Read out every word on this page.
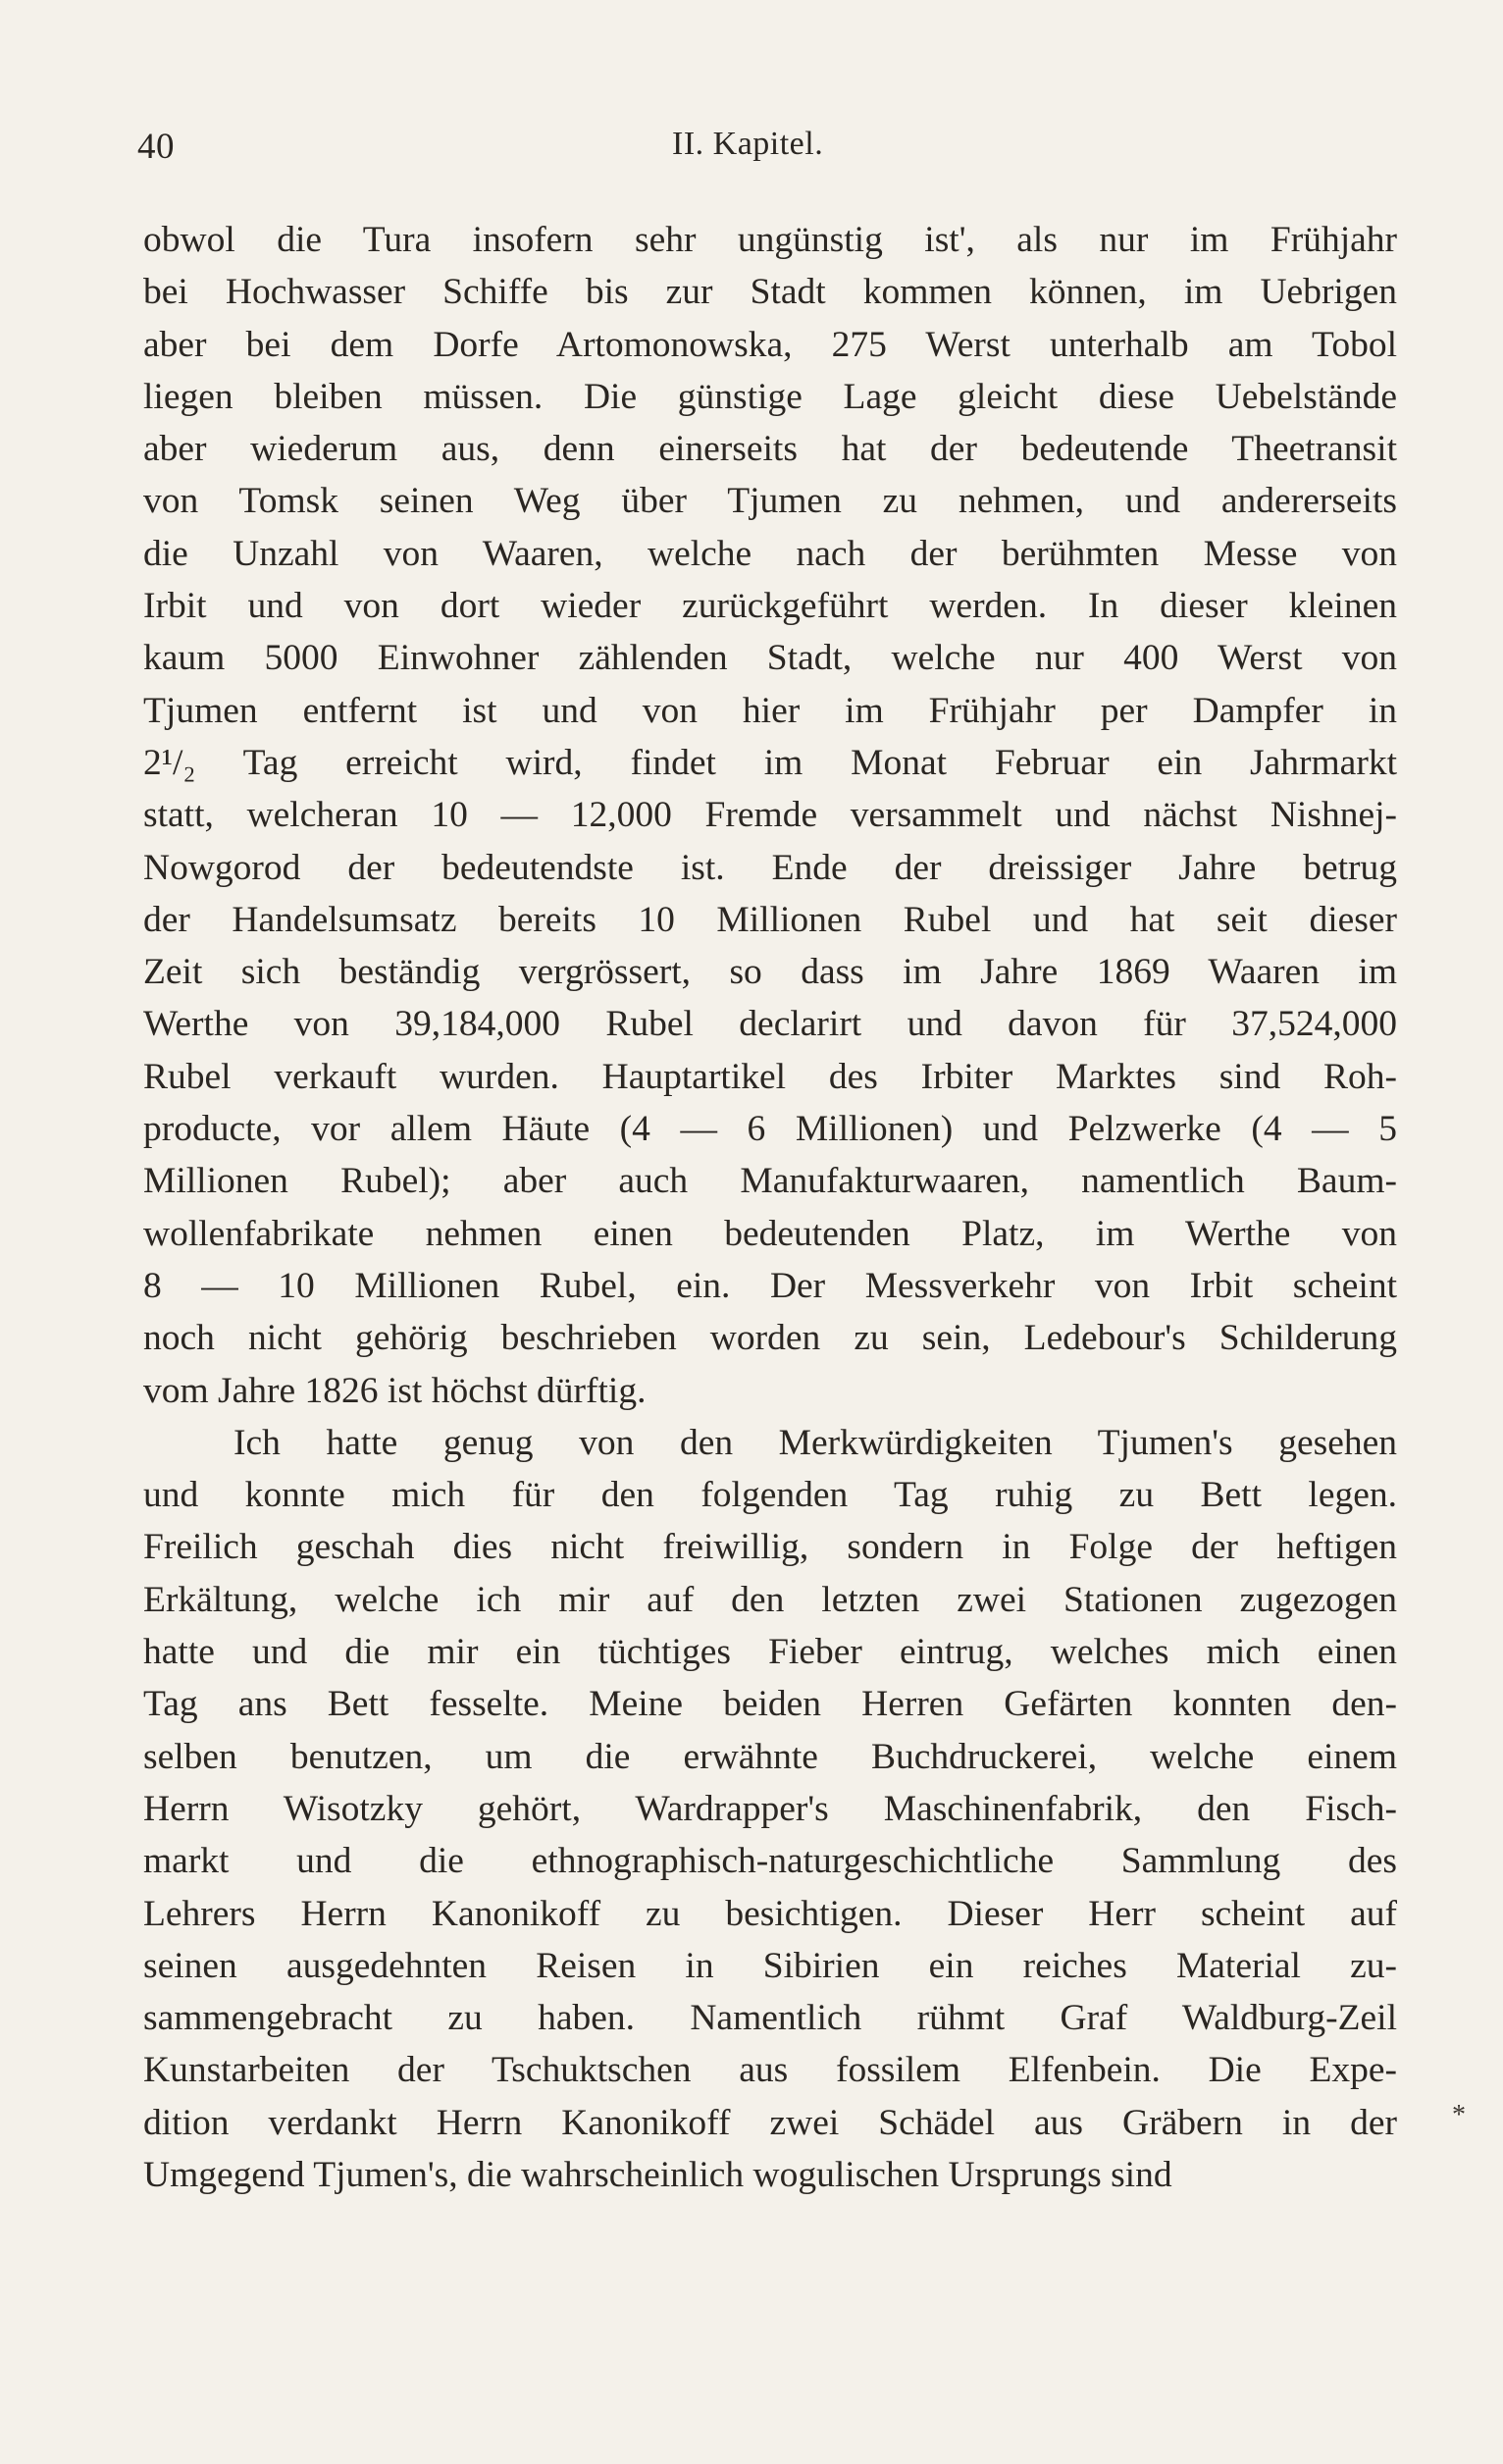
40	II. Kapitel.
obwol die Tura insofern sehr ungünstig ist', als nur im Frühjahr
bei Hochwasser Schiffe bis zur Stadt kommen können, im Uebrigen
aber bei dem Dorfe Artomonowska, 275 Werst unterhalb am Tobol
liegen bleiben müssen. Die günstige Lage gleicht diese Uebelstände
aber wiederum aus, denn einerseits hat der bedeutende Theetransit
von Tomsk seinen Weg über Tjumen zu nehmen, und andererseits
die Unzahl von Waaren, welche nach der berühmten Messe von
Irbit und von dort wieder zurückgeführt werden. In dieser kleinen
kaum 5000 Einwohner zählenden Stadt, welche nur 400 Werst von
Tjumen entfernt ist und von hier im Frühjahr per Dampfer in
2¹/₂ Tag erreicht wird, findet im Monat Februar ein Jahrmarkt
statt, welcheran 10 — 12,000 Fremde versammelt und nächst Nishnej-
Nowgorod der bedeutendste ist. Ende der dreissiger Jahre betrug
der Handelsumsatz bereits 10 Millionen Rubel und hat seit dieser
Zeit sich beständig vergrössert, so dass im Jahre 1869 Waaren im
Werthe von 39,184,000 Rubel declarirt und davon für 37,524,000
Rubel verkauft wurden. Hauptartikel des Irbiter Marktes sind Roh-
producte, vor allem Häute (4 — 6 Millionen) und Pelzwerke (4 — 5
Millionen Rubel); aber auch Manufakturwaaren, namentlich Baum-
wollenfabrikate nehmen einen bedeutenden Platz, im Werthe von
8 — 10 Millionen Rubel, ein. Der Messverkehr von Irbit scheint
noch nicht gehörig beschrieben worden zu sein, Ledebour's Schilderung
vom Jahre 1826 ist höchst dürftig.
Ich hatte genug von den Merkwürdigkeiten Tjumen's gesehen
und konnte mich für den folgenden Tag ruhig zu Bett legen.
Freilich geschah dies nicht freiwillig, sondern in Folge der heftigen
Erkältung, welche ich mir auf den letzten zwei Stationen zugezogen
hatte und die mir ein tüchtiges Fieber eintrug, welches mich einen
Tag ans Bett fesselte. Meine beiden Herren Gefärten konnten den-
selben benutzen, um die erwähnte Buchdruckerei, welche einem
Herrn Wisotzky gehört, Wardrapper's Maschinenfabrik, den Fisch-
markt und die ethnographisch-naturgeschichtliche Sammlung des
Lehrers Herrn Kanonikoff zu besichtigen. Dieser Herr scheint auf
seinen ausgedehnten Reisen in Sibirien ein reiches Material zu-
sammengebracht zu haben. Namentlich rühmt Graf Waldburg-Zeil
Kunstarbeiten der Tschuktschen aus fossilem Elfenbein. Die Expe-
dition verdankt Herrn Kanonikoff zwei Schädel aus Gräbern in der
Umgegend Tjumen's, die wahrscheinlich wogulischen Ursprungs sind
*
